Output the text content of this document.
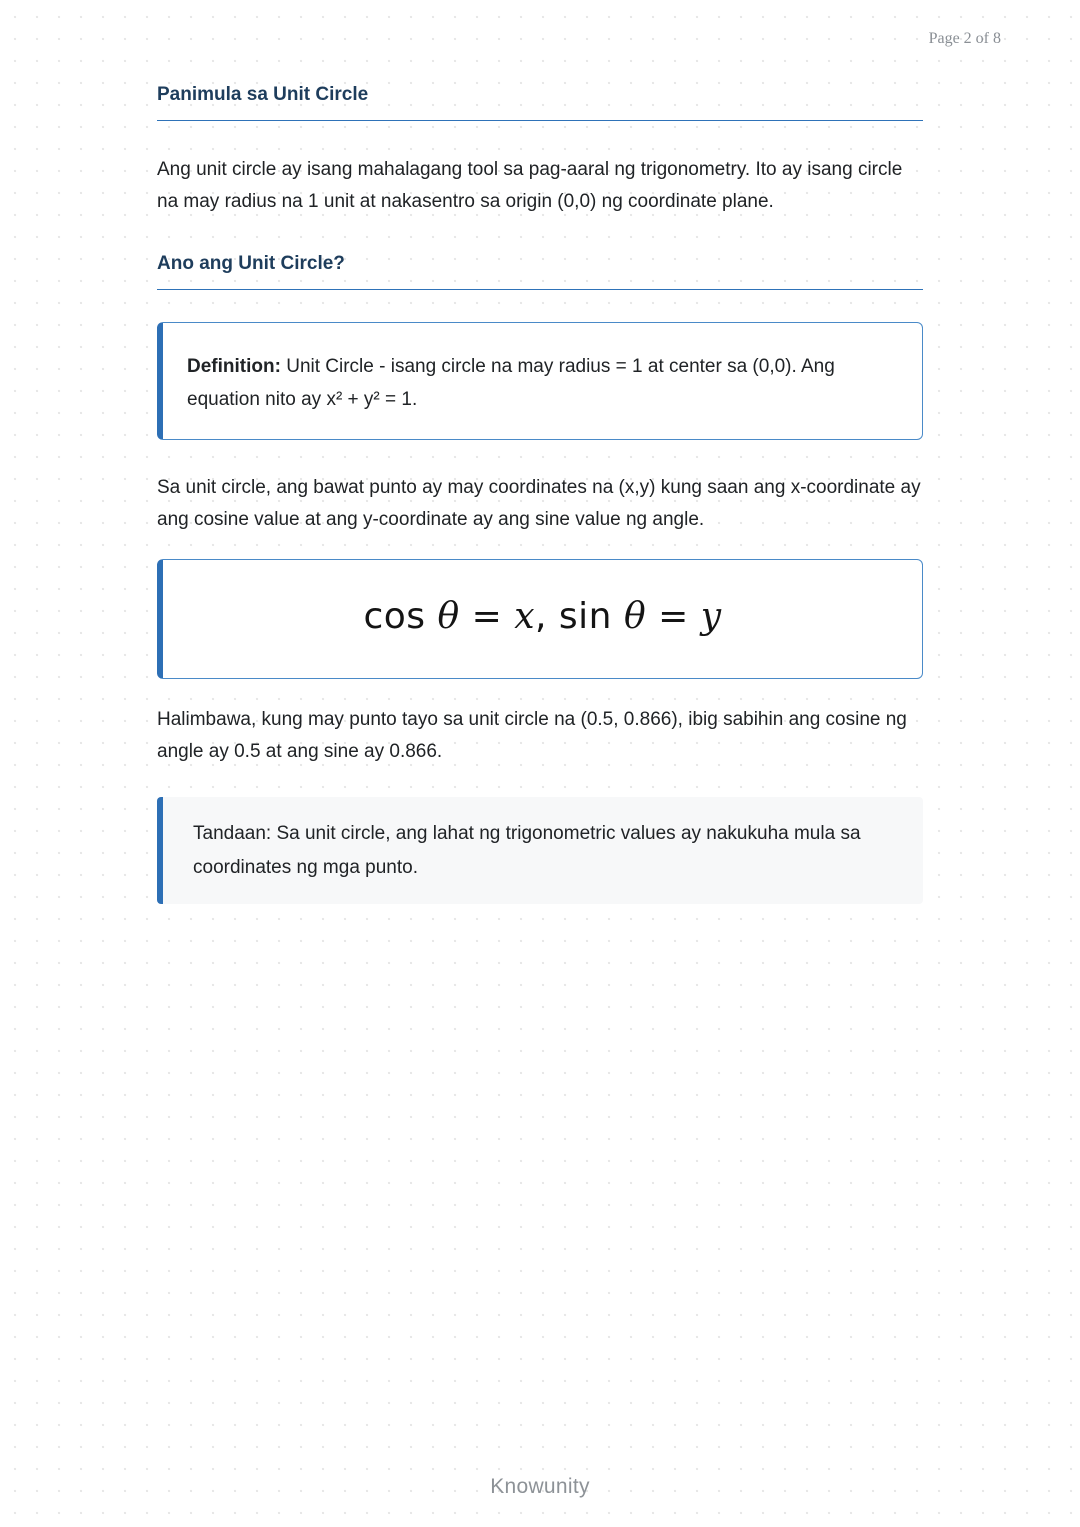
Page 2 of 8
Panimula sa Unit Circle

Ang unit circle ay isang mahalagang tool sa pag-aaral ng trigonometry. Ito ay isang circle na may radius na 1 unit at nakasentro sa origin (0,0) ng coordinate plane.

Ano ang Unit Circle?
Definition: Unit Circle - isang circle na may radius = 1 at center sa (0,0). Ang equation nito ay x² + y² = 1.

Sa unit circle, ang bawat punto ay may coordinates na (x,y) kung saan ang x-coordinate ay ang cosine value at ang y-coordinate ay ang sine value ng angle.

cos θ = x, sin θ = y

Halimbawa, kung may punto tayo sa unit circle na (0.5, 0.866), ibig sabihin ang cosine ng angle ay 0.5 at ang sine ay 0.866.

Tandaan: Sa unit circle, ang lahat ng trigonometric values ay nakukuha mula sa coordinates ng mga punto.
Knowunity
